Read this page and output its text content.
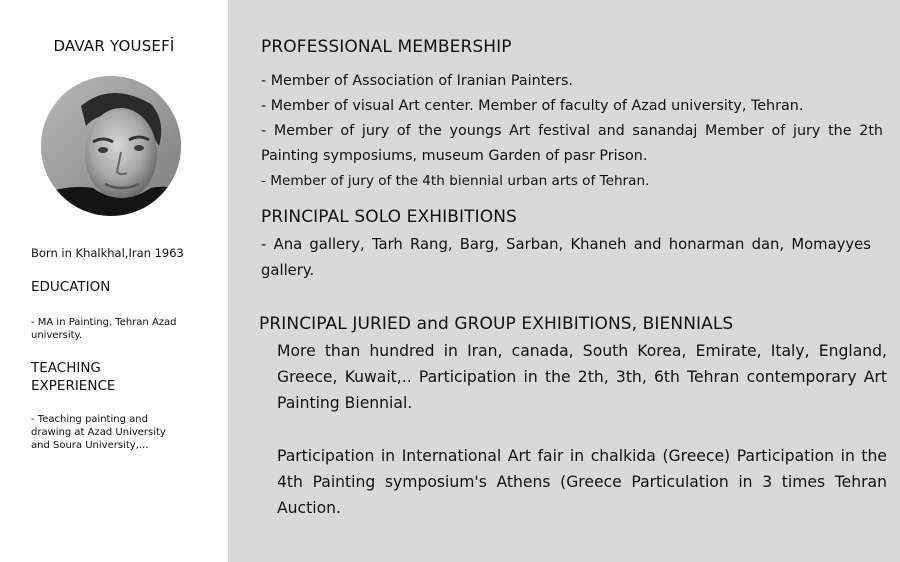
DAVAR YOUSEFİ
Born in Khalkhal,Iran 1963
EDUCATION
- MA in Painting, Tehran Azad university.
TEACHING EXPERIENCE
- Teaching painting and drawing at Azad University and Soura University,...
PROFESSIONAL MEMBERSHIP
- Member of Association of Iranian Painters.
- Member of visual Art center. Member of faculty of Azad university, Tehran.
- Member of jury of the youngs Art festival and sanandaj Member of jury the 2th Painting symposiums, museum Garden of pasr Prison.
- Member of jury of the 4th biennial urban arts of Tehran.
PRINCIPAL SOLO EXHIBITIONS
- Ana gallery, Tarh Rang, Barg, Sarban, Khaneh and honarman dan, Momayyes gallery.
PRINCIPAL JURIED and GROUP EXHIBITIONS, BIENNIALS
More than hundred in Iran, canada, South Korea, Emirate, Italy, England, Greece, Kuwait,.. Participation in the 2th, 3th, 6th Tehran contemporary Art Painting Biennial.
Participation in International Art fair in chalkida (Greece) Participation in the 4th Painting symposium's Athens (Greece Particulation in 3 times Tehran Auction.
